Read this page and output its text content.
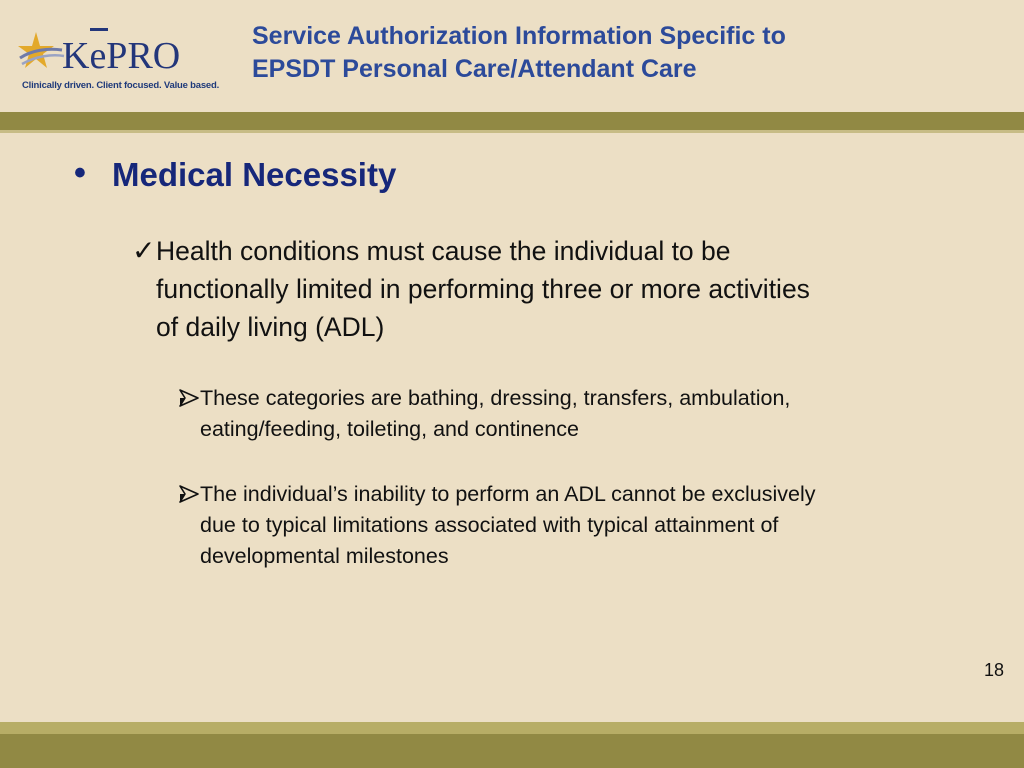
KePRO
Clinically driven. Client focused. Value based.
Service Authorization Information Specific to
EPSDT Personal Care/Attendant Care
• Medical Necessity
✓ Health conditions must cause the individual to be
functionally limited in performing three or more activities
of daily living (ADL)
These categories are bathing, dressing, transfers, ambulation,
eating/feeding, toileting, and continence
The individual’s inability to perform an ADL cannot be exclusively
due to typical limitations associated with typical attainment of
developmental milestones
18
